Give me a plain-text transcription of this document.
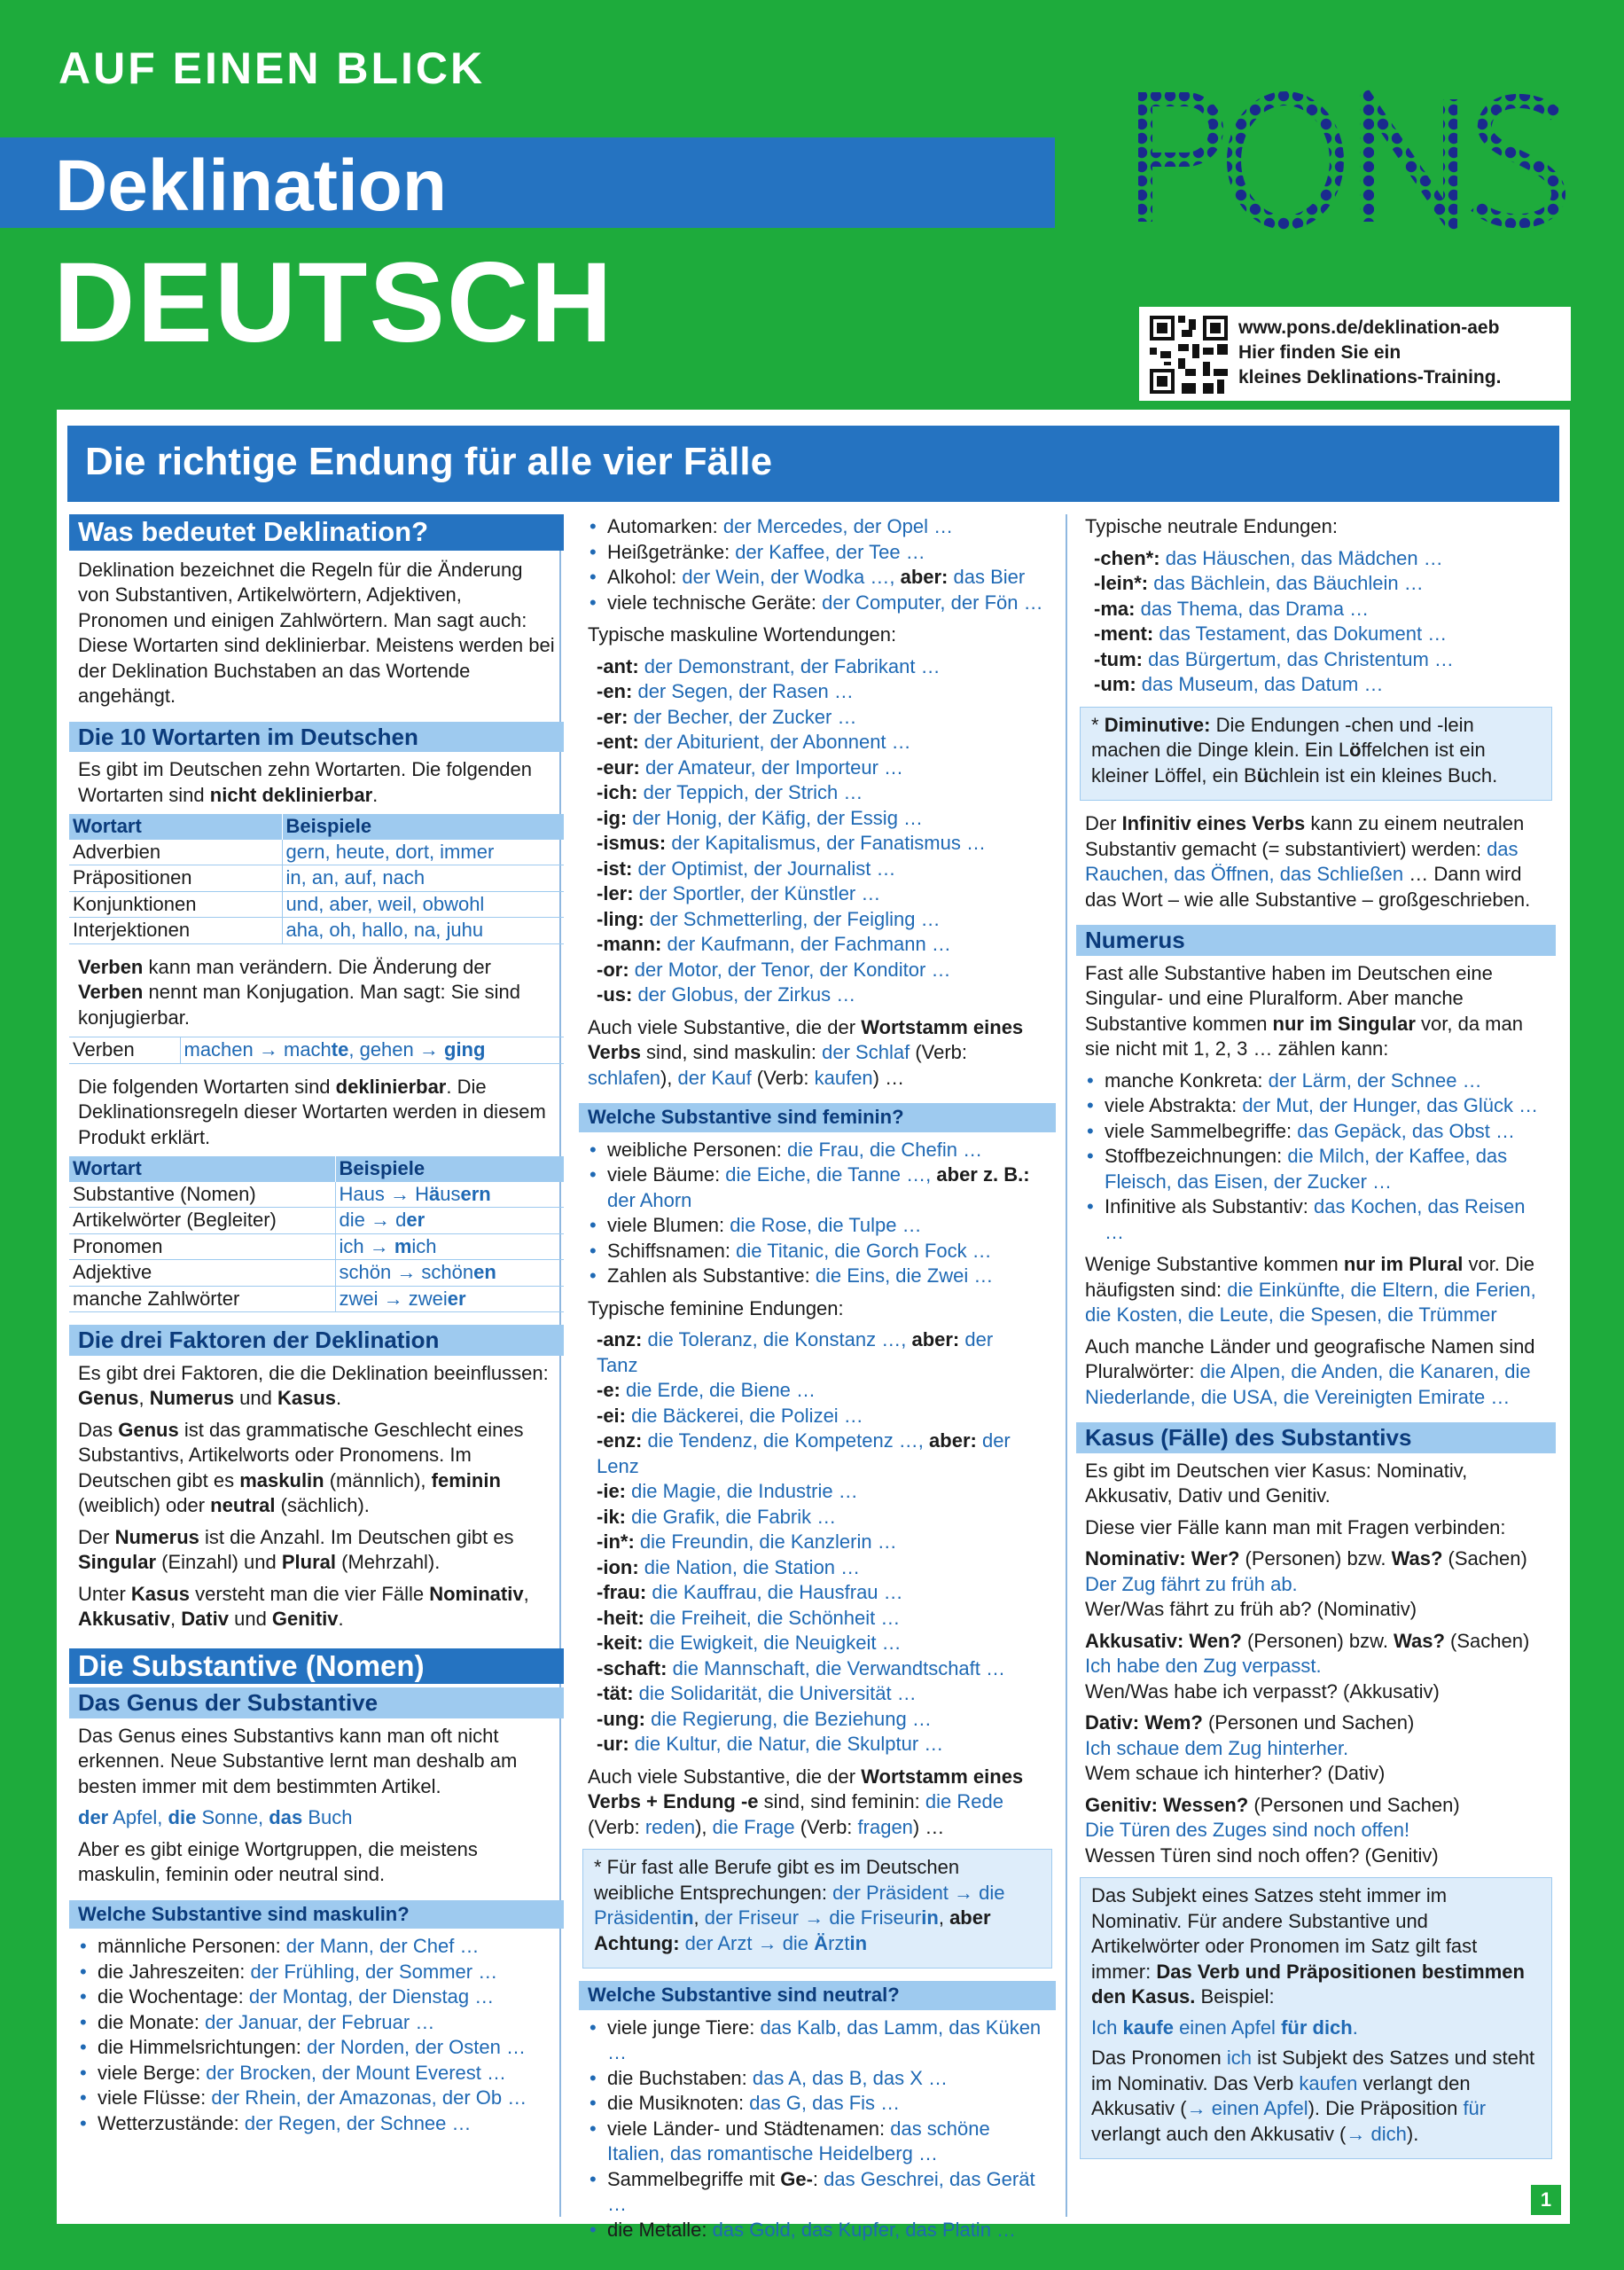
AUF EINEN BLICK
Deklination
DEUTSCH	www.pons.de/deklination-aeb
Hier finden Sie ein
kleines Deklinations-Training.
Die richtige Endung für alle vier Fälle
Was bedeutet Deklination?

Deklination bezeichnet die Regeln für die Änderung von Substantiven, Artikelwörtern, Adjektiven, Pronomen und einigen Zahlwörtern. Man sagt auch: Diese Wortarten sind deklinierbar. Meistens werden bei der Deklination Buchstaben an das Wortende angehängt.

Die 10 Wortarten im Deutschen

Es gibt im Deutschen zehn Wortarten. Die folgenden Wortarten sind nicht deklinierbar.

Wortart	Beispiele
Adverbien	gern, heute, dort, immer
Präpositionen	in, an, auf, nach
Konjunktionen	und, aber, weil, obwohl
Interjektionen	aha, oh, hallo, na, juhu

Verben kann man verändern. Die Änderung der Verben nennt man Konjugation. Man sagt: Sie sind konjugierbar.

Verben	machen → machte, gehen → ging

Die folgenden Wortarten sind deklinierbar. Die Deklinationsregeln dieser Wortarten werden in diesem Produkt erklärt.

Wortart	Beispiele
Substantive (Nomen)	Haus → Häusern
Artikelwörter (Begleiter)	die → der
Pronomen	ich → mich
Adjektive	schön → schönen
manche Zahlwörter	zwei → zweier
Die drei Faktoren der Deklination

Es gibt drei Faktoren, die die Deklination beeinflussen: Genus, Numerus und Kasus.

Das Genus ist das grammatische Geschlecht eines Substantivs, Artikelworts oder Pronomens. Im Deutschen gibt es maskulin (männlich), feminin (weiblich) oder neutral (sächlich).

Der Numerus ist die Anzahl. Im Deutschen gibt es Singular (Einzahl) und Plural (Mehrzahl).

Unter Kasus versteht man die vier Fälle Nominativ, Akkusativ, Dativ und Genitiv.

Die Substantive (Nomen)
Das Genus der Substantive

Das Genus eines Substantivs kann man oft nicht erkennen. Neue Substantive lernt man deshalb am besten immer mit dem bestimmten Artikel.

der Apfel, die Sonne, das Buch

Aber es gibt einige Wortgruppen, die meistens maskulin, feminin oder neutral sind.

Welche Substantive sind maskulin?
• männliche Personen: der Mann, der Chef …
• die Jahreszeiten: der Frühling, der Sommer …
• die Wochentage: der Montag, der Dienstag …
• die Monate: der Januar, der Februar …
• die Himmelsrichtungen: der Norden, der Osten …
• viele Berge: der Brocken, der Mount Everest …
• viele Flüsse: der Rhein, der Amazonas, der Ob …
• Wetterzustände: der Regen, der Schnee …
• Automarken: der Mercedes, der Opel …
• Heißgetränke: der Kaffee, der Tee …
• Alkohol: der Wein, der Wodka …, aber: das Bier
• viele technische Geräte: der Computer, der Fön …

Typische maskuline Wortendungen:

-ant: der Demonstrant, der Fabrikant …

-en: der Segen, der Rasen …

-er: der Becher, der Zucker …

-ent: der Abiturient, der Abonnent …

-eur: der Amateur, der Importeur …

-ich: der Teppich, der Strich …

-ig: der Honig, der Käfig, der Essig …

-ismus: der Kapitalismus, der Fanatismus …

-ist: der Optimist, der Journalist …

-ler: der Sportler, der Künstler …

-ling: der Schmetterling, der Feigling …

-mann: der Kaufmann, der Fachmann …

-or: der Motor, der Tenor, der Konditor …

-us: der Globus, der Zirkus …

Auch viele Substantive, die der Wortstamm eines Verbs sind, sind maskulin: der Schlaf (Verb: schlafen), der Kauf (Verb: kaufen) …

Welche Substantive sind feminin?
• weibliche Personen: die Frau, die Chefin …
• viele Bäume: die Eiche, die Tanne …, aber z. B.: der Ahorn
• viele Blumen: die Rose, die Tulpe …
• Schiffsnamen: die Titanic, die Gorch Fock …
• Zahlen als Substantive: die Eins, die Zwei …

Typische feminine Endungen:

-anz: die Toleranz, die Konstanz …, aber: der Tanz

-e: die Erde, die Biene …

-ei: die Bäckerei, die Polizei …

-enz: die Tendenz, die Kompetenz …, aber: der Lenz

-ie: die Magie, die Industrie …

-ik: die Grafik, die Fabrik …

-in*: die Freundin, die Kanzlerin …

-ion: die Nation, die Station …

-frau: die Kauffrau, die Hausfrau …

-heit: die Freiheit, die Schönheit …

-keit: die Ewigkeit, die Neuigkeit …

-schaft: die Mannschaft, die Verwandtschaft …

-tät: die Solidarität, die Universität …

-ung: die Regierung, die Beziehung …

-ur: die Kultur, die Natur, die Skulptur …

Auch viele Substantive, die der Wortstamm eines Verbs + Endung -e sind, sind feminin: die Rede (Verb: reden), die Frage (Verb: fragen) …

* Für fast alle Berufe gibt es im Deutschen weibliche Entsprechungen: der Präsident → die Präsidentin, der Friseur → die Friseurin, aber Achtung: der Arzt → die Ärztin

Welche Substantive sind neutral?
• viele junge Tiere: das Kalb, das Lamm, das Küken …
• die Buchstaben: das A, das B, das X …
• die Musiknoten: das G, das Fis …
• viele Länder- und Städtenamen: das schöne Italien, das romantische Heidelberg …
• Sammelbegriffe mit Ge-: das Geschrei, das Gerät …
• die Metalle: das Gold, das Kupfer, das Platin …

Typische neutrale Endungen:

-chen*: das Häuschen, das Mädchen …

-lein*: das Bächlein, das Bäuchlein …

-ma: das Thema, das Drama …

-ment: das Testament, das Dokument …

-tum: das Bürgertum, das Christentum …

-um: das Museum, das Datum …

* Diminutive: Die Endungen -chen und -lein machen die Dinge klein. Ein Löffelchen ist ein kleiner Löffel, ein Büchlein ist ein kleines Buch.

Der Infinitiv eines Verbs kann zu einem neutralen Substantiv gemacht (= substantiviert) werden: das Rauchen, das Öffnen, das Schließen … Dann wird das Wort – wie alle Substantive – großgeschrieben.

Numerus

Fast alle Substantive haben im Deutschen eine Singular- und eine Pluralform. Aber manche Substantive kommen nur im Singular vor, da man sie nicht mit 1, 2, 3 … zählen kann:

• manche Konkreta: der Lärm, der Schnee …
• viele Abstrakta: der Mut, der Hunger, das Glück …
• viele Sammelbegriffe: das Gepäck, das Obst …
• Stoffbezeichnungen: die Milch, der Kaffee, das Fleisch, das Eisen, der Zucker …
• Infinitive als Substantiv: das Kochen, das Reisen …

Wenige Substantive kommen nur im Plural vor. Die häufigsten sind: die Einkünfte, die Eltern, die Ferien, die Kosten, die Leute, die Spesen, die Trümmer

Auch manche Länder und geografische Namen sind Pluralwörter: die Alpen, die Anden, die Kanaren, die Niederlande, die USA, die Vereinigten Emirate …

Kasus (Fälle) des Substantivs

Es gibt im Deutschen vier Kasus: Nominativ, Akkusativ, Dativ und Genitiv.

Diese vier Fälle kann man mit Fragen verbinden:

Nominativ: Wer? (Personen) bzw. Was? (Sachen)
Der Zug fährt zu früh ab.
Wer/Was fährt zu früh ab? (Nominativ)

Akkusativ: Wen? (Personen) bzw. Was? (Sachen)
Ich habe den Zug verpasst.
Wen/Was habe ich verpasst? (Akkusativ)

Dativ: Wem? (Personen und Sachen)
Ich schaue dem Zug hinterher.
Wem schaue ich hinterher? (Dativ)

Genitiv: Wessen? (Personen und Sachen)
Die Türen des Zuges sind noch offen!
Wessen Türen sind noch offen? (Genitiv)

Das Subjekt eines Satzes steht immer im Nominativ. Für andere Substantive und Artikelwörter oder Pronomen im Satz gilt fast immer: Das Verb und Präpositionen bestimmen den Kasus. Beispiel:

Ich kaufe einen Apfel für dich.

Das Pronomen ich ist Subjekt des Satzes und steht im Nominativ. Das Verb kaufen verlangt den Akkusativ (→ einen Apfel). Die Präposition für verlangt auch den Akkusativ (→ dich).

1
